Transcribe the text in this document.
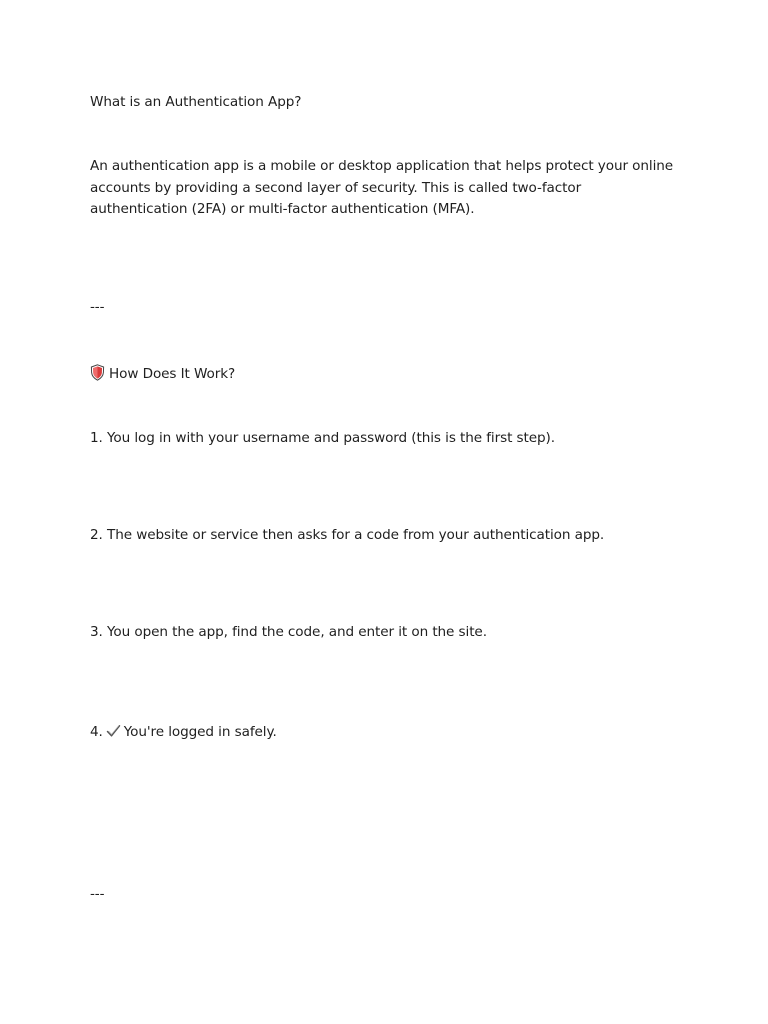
What is an Authentication App?
An authentication app is a mobile or desktop application that helps protect your online accounts by providing a second layer of security. This is called two-factor authentication (2FA) or multi-factor authentication (MFA).
---
How Does It Work?
1. You log in with your username and password (this is the first step).
2. The website or service then asks for a code from your authentication app.
3. You open the app, find the code, and enter it on the site.
4. You're logged in safely.
---
